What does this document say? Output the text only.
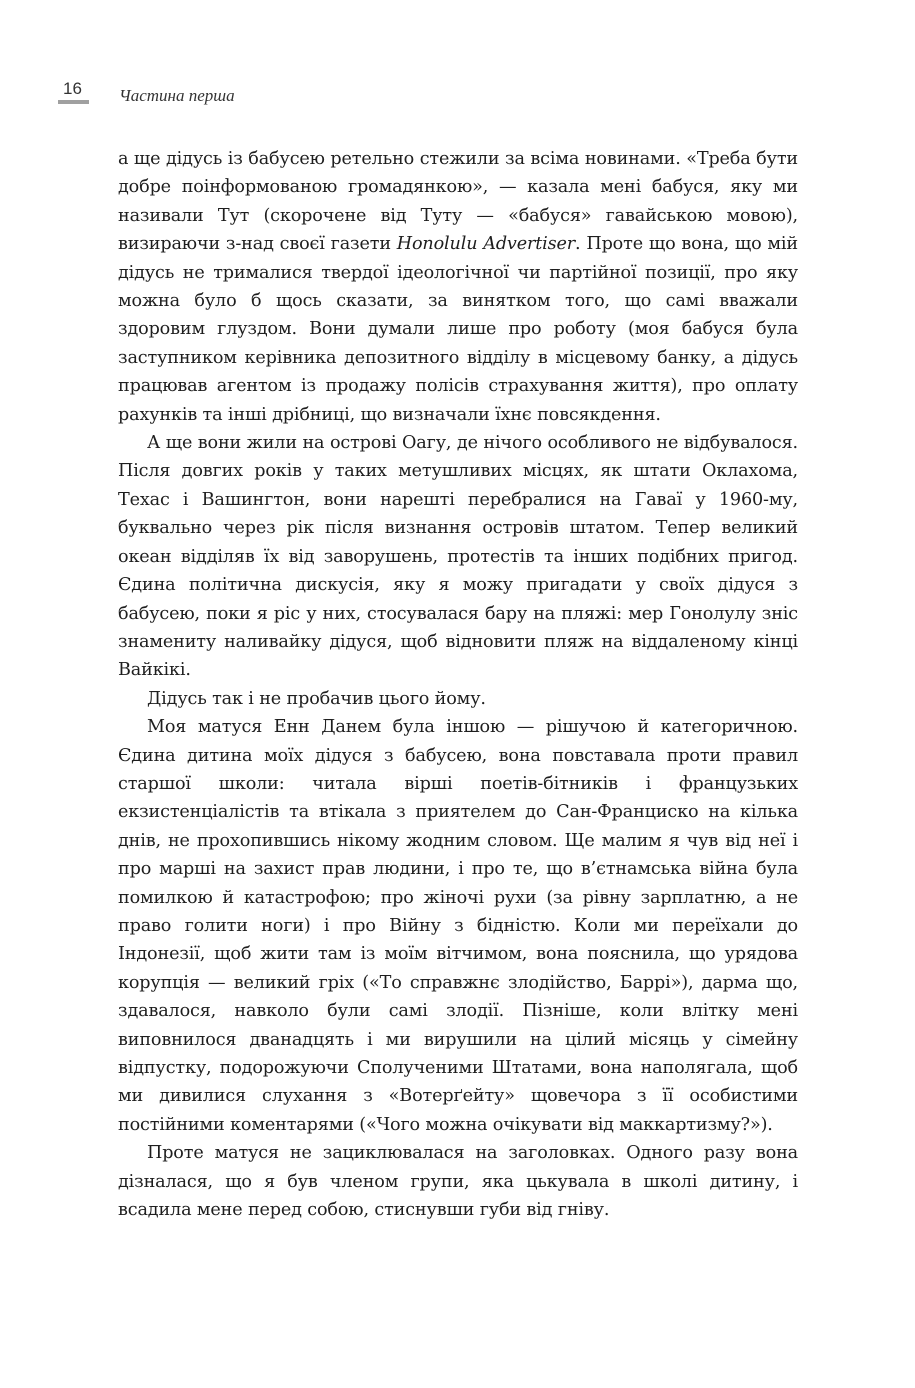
16 Частина перша

а ще дідусь із бабусею ретельно стежили за всіма новинами. «Треба бути добре поінформованою громадянкою», — казала мені бабуся, яку ми називали Тут (скорочене від Туту — «бабуся» гавайською мовою), визираючи з-над своєї газети Honolulu Advertiser. Проте що вона, що мій дідусь не трималися твердої ідеологічної чи партійної позиції, про яку можна було б щось сказати, за винятком того, що самі вважали здоровим глуздом. Вони думали лише про роботу (моя бабуся була заступником керівника депозитного відділу в місцевому банку, а дідусь працював агентом із продажу полісів страхування життя), про оплату рахунків та інші дрібниці, що визначали їхнє повсякдення.

А ще вони жили на острові Оагу, де нічого особливого не відбувалося. Після довгих років у таких метушливих місцях, як штати Оклахома, Техас і Вашингтон, вони нарешті перебралися на Гаваї у 1960-му, буквально через рік після визнання островів штатом. Тепер великий океан відділяв їх від заворушень, протестів та інших подібних пригод. Єдина політична дискусія, яку я можу пригадати у своїх дідуся з бабусею, поки я ріс у них, стосувалася бару на пляжі: мер Гонолулу зніс знамениту наливайку дідуся, щоб відновити пляж на віддаленому кінці Вайкікі.

Дідусь так і не пробачив цього йому.

Моя матуся Енн Данем була іншою — рішучою й категоричною. Єдина дитина моїх дідуся з бабусею, вона повставала проти правил старшої школи: читала вірші поетів-бітників і французьких екзистенціалістів та втікала з приятелем до Сан-Франциско на кілька днів, не прохопившись нікому жодним словом. Ще малим я чув від неї і про марші на захист прав людини, і про те, що в’єтнамська війна була помилкою й катастрофою; про жіночі рухи (за рівну зарплатню, а не право голити ноги) і про Війну з бідністю. Коли ми переїхали до Індонезії, щоб жити там із моїм вітчимом, вона пояснила, що урядова корупція — великий гріх («То справжнє злодійство, Баррі»), дарма що, здавалося, навколо були самі злодії. Пізніше, коли влітку мені виповнилося дванадцять і ми вирушили на цілий місяць у сімейну відпустку, подорожуючи Сполученими Штатами, вона наполягала, щоб ми дивилися слухання з «Вотерґейту» щовечора з її особистими постійними коментарями («Чого можна очікувати від маккартизму?»).

Проте матуся не зациклювалася на заголовках. Одного разу вона дізналася, що я був членом групи, яка цькувала в школі дитину, і всадила мене перед собою, стиснувши губи від гніву.
